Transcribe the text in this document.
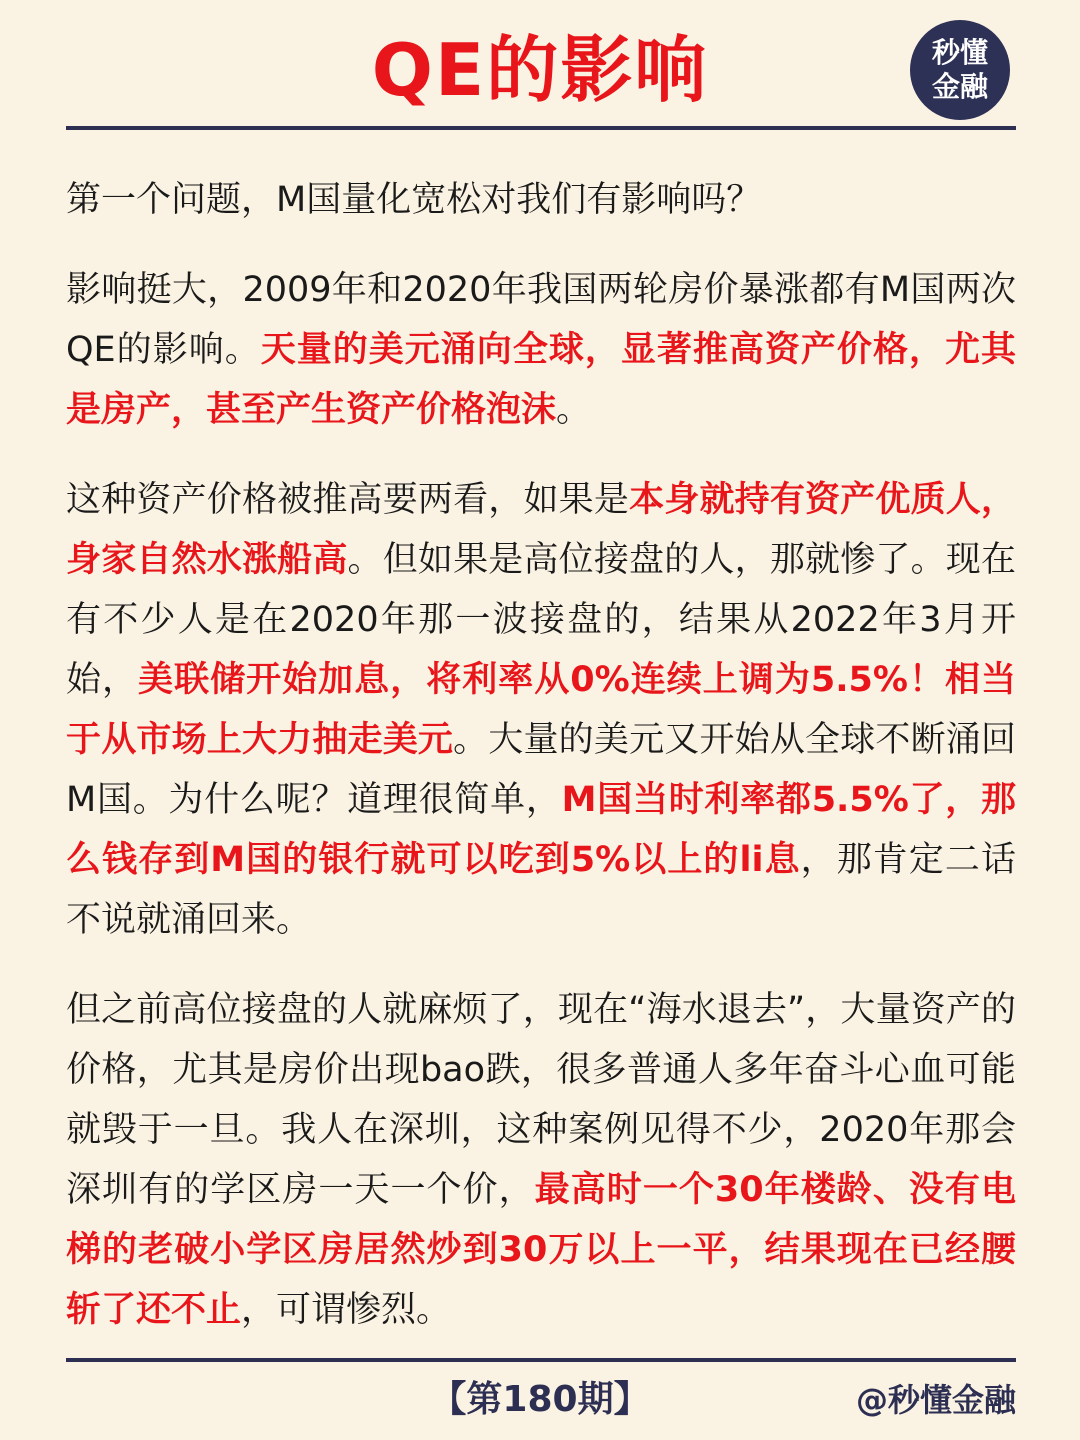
QE的影响	秒懂
金融

第一个问题，M国量化宽松对我们有影响吗？

影响挺大，2009年和2020年我国两轮房价暴涨都有M国两次QE的影响。天量的美元涌向全球，显著推高资产价格，尤其是房产，甚至产生资产价格泡沫。

这种资产价格被推高要两看，如果是本身就持有资产优质人，身家自然水涨船高。但如果是高位接盘的人，那就惨了。现在有不少人是在2020年那一波接盘的，结果从2022年3月开始，美联储开始加息，将利率从0%连续上调为5.5%！相当于从市场上大力抽走美元。大量的美元又开始从全球不断涌回M国。为什么呢？道理很简单，M国当时利率都5.5%了，那么钱存到M国的银行就可以吃到5%以上的li息，那肯定二话不说就涌回来。

但之前高位接盘的人就麻烦了，现在“海水退去”，大量资产的价格，尤其是房价出现bao跌，很多普通人多年奋斗心血可能就毁于一旦。我人在深圳，这种案例见得不少，2020年那会深圳有的学区房一天一个价，最高时一个30年楼龄、没有电梯的老破小学区房居然炒到30万以上一平，结果现在已经腰斩了还不止，可谓惨烈。

【第180期】	@秒懂金融
